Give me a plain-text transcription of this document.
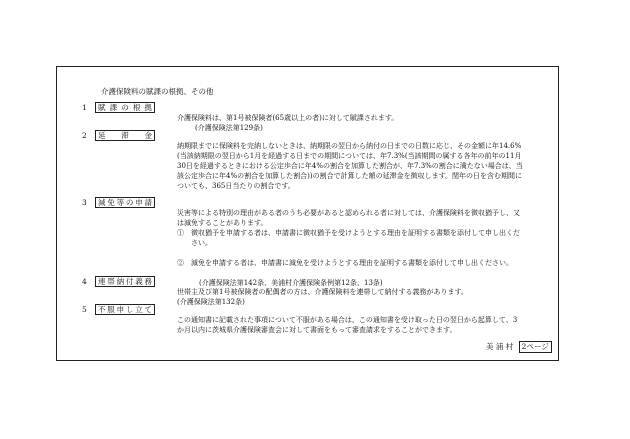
介護保険料の賦課の根拠、その他
1	賦課の根拠

介護保険料は、第1号被保険者(65歳以上の者)に対して賦課されます。

(介護保険法第129条)

2	延滞金

納期限までに保険料を完納しないときは、納期限の翌日から納付の日までの日数に応じ、その金額に年14.6%(当該納期限の翌日から1月を経過する日までの期間については、年7.3%(当該期間の属する各年の前年の11月30日を経過するときにおける公定歩合に年4%の割合を加算した割合が、年7.3%の割合に満たない場合は、当該公定歩合に年4%の割合を加算した割合))の割合で計算した額の延滞金を徴収します。閏年の日を含む期間についても、365日当たりの割合です。

3	減免等の申請

災害等による特別の理由がある者のうち必要があると認められる者に対しては、介護保険料を徴収猶予し、又は減免することがあります。

①　徴収猶予を申請する者は、申請書に徴収猶予を受けようとする理由を証明する書類を添付して申し出ください。

②　減免を申請する者は、申請書に減免を受けようとする理由を証明する書類を添付して申し出ください。

(介護保険法第142条、美浦村介護保険条例第12条、13条)

4	連帯納付義務

世帯主及び第1号被保険者の配偶者の方は、介護保険料を連帯して納付する義務があります。

(介護保険法第132条)

5	不服申し立て

この通知書に記載された事項について不服がある場合は、この通知書を受け取った日の翌日から起算して、3か月以内に茨城県介護保険審査会に対して書面をもって審査請求をすることができます。

美 浦 村 2ページ
